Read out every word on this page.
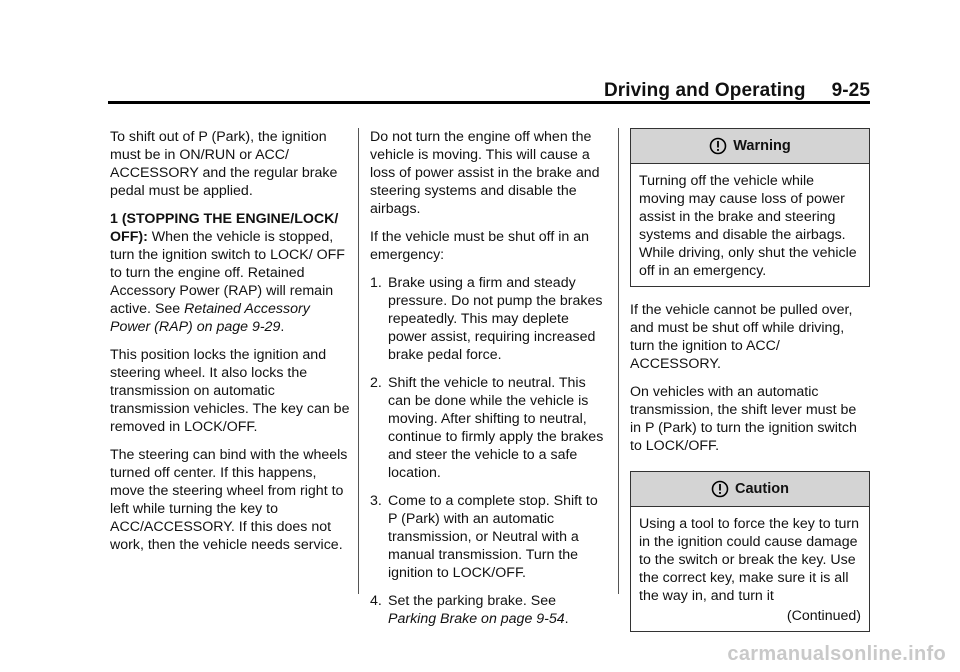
Driving and Operating 9-25

To shift out of P (Park), the ignition must be in ON/RUN or ACC/ ACCESSORY and the regular brake pedal must be applied.

1 (STOPPING THE ENGINE/LOCK/ OFF): When the vehicle is stopped, turn the ignition switch to LOCK/ OFF to turn the engine off. Retained Accessory Power (RAP) will remain active. See Retained Accessory Power (RAP) on page 9-29.

This position locks the ignition and steering wheel. It also locks the transmission on automatic transmission vehicles. The key can be removed in LOCK/OFF.

The steering can bind with the wheels turned off center. If this happens, move the steering wheel from right to left while turning the key to ACC/ACCESSORY. If this does not work, then the vehicle needs service.

Do not turn the engine off when the vehicle is moving. This will cause a loss of power assist in the brake and steering systems and disable the airbags.

If the vehicle must be shut off in an emergency:

1. Brake using a firm and steady pressure. Do not pump the brakes repeatedly. This may deplete power assist, requiring increased brake pedal force.
2. Shift the vehicle to neutral. This can be done while the vehicle is moving. After shifting to neutral, continue to firmly apply the brakes and steer the vehicle to a safe location.
3. Come to a complete stop. Shift to P (Park) with an automatic transmission, or Neutral with a manual transmission. Turn the ignition to LOCK/OFF.
4. Set the parking brake. See
Parking Brake on page 9-54.
Warning
Turning off the vehicle while moving may cause loss of power assist in the brake and steering systems and disable the airbags. While driving, only shut the vehicle off in an emergency.

If the vehicle cannot be pulled over, and must be shut off while driving, turn the ignition to ACC/ ACCESSORY.

On vehicles with an automatic transmission, the shift lever must be in P (Park) to turn the ignition switch to LOCK/OFF.

Caution
Using a tool to force the key to turn in the ignition could cause damage to the switch or break the key. Use the correct key, make sure it is all the way in, and turn it
(Continued)
carmanualsonline.info
